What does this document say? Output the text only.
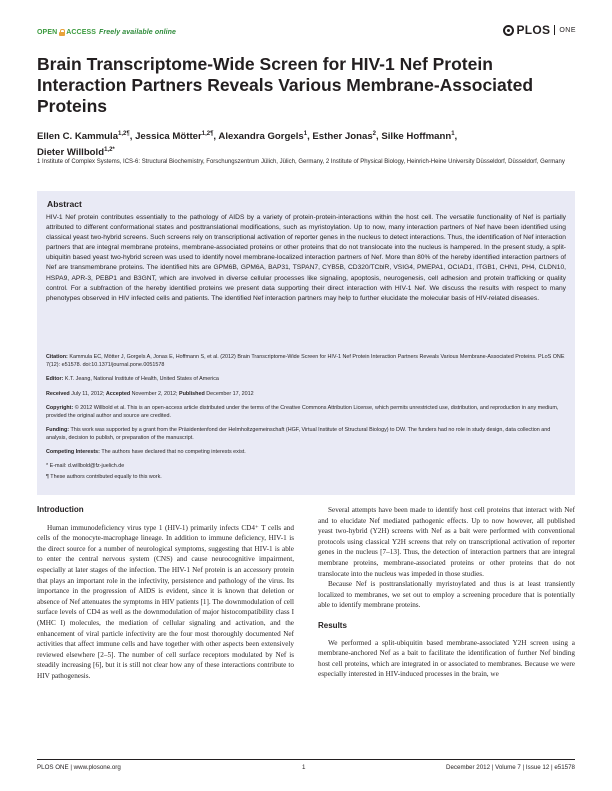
OPEN ACCESS Freely available online	PLOS ONE
Brain Transcriptome-Wide Screen for HIV-1 Nef Protein Interaction Partners Reveals Various Membrane-Associated Proteins
Ellen C. Kammula$^{1,2\P}$, Jessica Mötter$^{1,2\P}$, Alexandra Gorgels$^1$, Esther Jonas$^2$, Silke Hoffmann$^1$,
Dieter Willbold$^{1,2*}$
1 Institute of Complex Systems, ICS-6: Structural Biochemistry, Forschungszentrum Jülich, Jülich, Germany, 2 Institute of Physical Biology, Heinrich-Heine University Düsseldorf, Düsseldorf, Germany
Abstract

HIV-1 Nef protein contributes essentially to the pathology of AIDS by a variety of protein-protein-interactions within the host cell. The versatile functionality of Nef is partially attributed to different conformational states and posttranslational modifications, such as myristoylation. Up to now, many interaction partners of Nef have been identified using classical yeast two-hybrid screens. Such screens rely on transcriptional activation of reporter genes in the nucleus to detect interactions. Thus, the identification of Nef interaction partners that are integral membrane proteins, membrane-associated proteins or other proteins that do not translocate into the nucleus is hampered. In the present study, a split-ubiquitin based yeast two-hybrid screen was used to identify novel membrane-localized interaction partners of Nef. More than 80% of the hereby identified interaction partners of Nef are transmembrane proteins. The identified hits are GPM6B, GPM6A, BAP31, TSPAN7, CYB5B, CD320/TCblR, VSIG4, PMEPA1, OCIAD1, ITGB1, CHN1, PH4, CLDN10, HSPA9, APR-3, PEBP1 and B3GNT, which are involved in diverse cellular processes like signaling, apoptosis, neurogenesis, cell adhesion and protein trafficking or quality control. For a subfraction of the hereby identified proteins we present data supporting their direct interaction with HIV-1 Nef. We discuss the results with respect to many phenotypes observed in HIV infected cells and patients. The identified Nef interaction partners may help to further elucidate the molecular basis of HIV-related diseases.

Citation: Kammula EC, Mötter J, Gorgels A, Jonas E, Hoffmann S, et al. (2012) Brain Transcriptome-Wide Screen for HIV-1 Nef Protein Interaction Partners Reveals Various Membrane-Associated Proteins. PLoS ONE 7(12): e51578. doi:10.1371/journal.pone.0051578

Editor: K.T. Jeang, National Institute of Health, United States of America

Received July 11, 2012; Accepted November 2, 2012; Published December 17, 2012

Copyright: © 2012 Willbold et al. This is an open-access article distributed under the terms of the Creative Commons Attribution License, which permits unrestricted use, distribution, and reproduction in any medium, provided the original author and source are credited.

Funding: This work was supported by a grant from the Präsidentenfond der Helmholtzgemeinschaft (HGF, Virtual Institute of Structural Biology) to DW. The funders had no role in study design, data collection and analysis, decision to publish, or preparation of the manuscript.

Competing Interests: The authors have declared that no competing interests exist.

* E-mail: d.willbold@fz-juelich.de

¶ These authors contributed equally to this work.

Introduction

Human immunodeficiency virus type 1 (HIV-1) primarily infects CD4⁺ T cells and cells of the monocyte-macrophage lineage. In addition to immune deficiency, HIV-1 is the direct source for a number of neurological symptoms, suggesting that HIV-1 is able to enter the central nervous system (CNS) and cause neurocognitive impairment, especially at later stages of the infection. The HIV-1 Nef protein is an accessory protein that plays an important role in the infectivity, persistence and pathology of the virus. Its importance in the progression of AIDS is evident, since it is known that deletion or absence of Nef attenuates the symptoms in HIV patients [1]. The downmodulation of cell surface levels of CD4 as well as the downmodulation of major histocompatibility class I (MHC I) molecules, the mediation of cellular signaling and activation, and the enhancement of viral particle infectivity are the four most thoroughly documented Nef activities that affect immune cells and have together with other aspects been extensively reviewed elsewhere [2–5]. The number of cell surface receptors modulated by Nef is steadily increasing [6], but it is still not clear how any of these interactions contribute to HIV pathogenesis.

Several attempts have been made to identify host cell proteins that interact with Nef and to elucidate Nef mediated pathogenic effects. Up to now however, all published yeast two-hybrid (Y2H) screens with Nef as a bait were performed with conventional protocols using classical Y2H screens that rely on transcriptional activation of reporter genes in the nucleus [7–13]. Thus, the detection of interaction partners that are integral membrane proteins, membrane-associated proteins or other proteins that do not translocate into the nucleus was impeded in those studies.

Because Nef is posttranslationally myristoylated and thus is at least transiently localized to membranes, we set out to employ a screening procedure that is potentially able to identify membrane proteins.

Results

We performed a split-ubiquitin based membrane-associated Y2H screen using a membrane-anchored Nef as a bait to facilitate the identification of further Nef binding host cell proteins, which are integrated in or associated to membranes. Because we were especially interested in HIV-induced processes in the brain, we

PLOS ONE | www.plosone.org	1	December 2012 | Volume 7 | Issue 12 | e51578
